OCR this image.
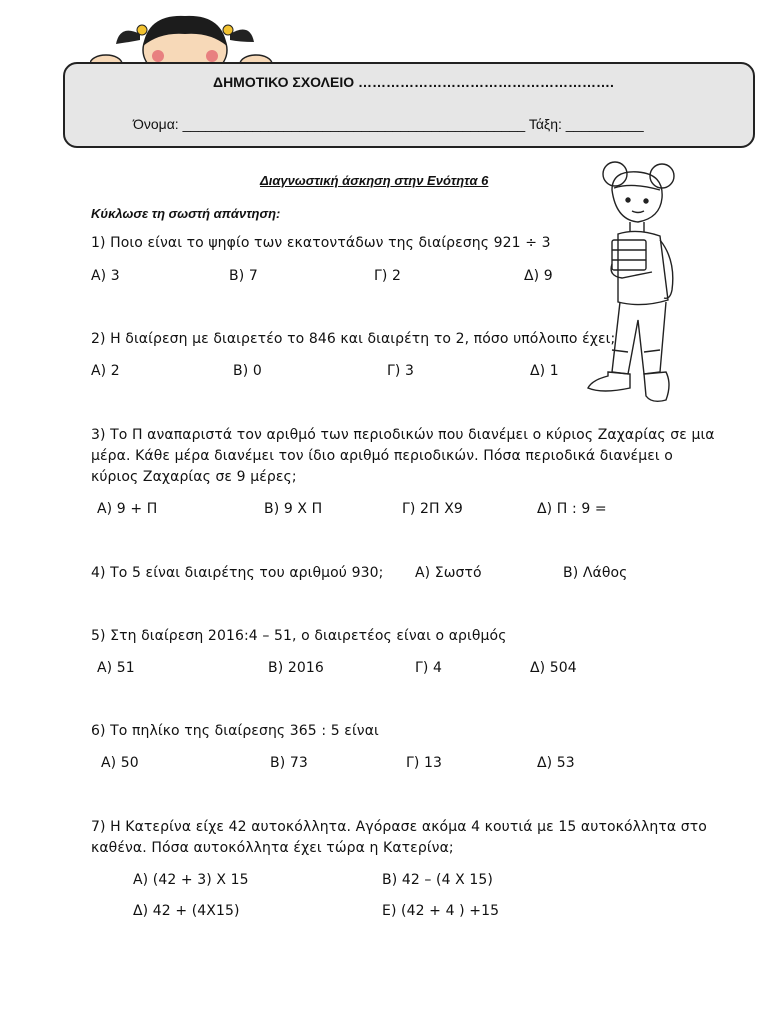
ΔΗΜΟΤΙΚΟ ΣΧΟΛΕΙΟ ……………………………………………….
Όνομα: ____________________________________________ Τάξη: __________
Διαγνωστική άσκηση στην Ενότητα 6
Κύκλωσε τη σωστή απάντηση:
1) Ποιο είναι το ψηφίο των εκατοντάδων της διαίρεσης 921 ÷ 3
Α) 3	Β) 7	Γ) 2	Δ) 9
2) Η διαίρεση με διαιρετέο το 846 και διαιρέτη το 2, πόσο υπόλοιπο έχει;
Α) 2	Β) 0	Γ) 3	Δ) 1
3) Το Π αναπαριστά τον αριθμό των περιοδικών που διανέμει ο κύριος Ζαχαρίας σε μια
μέρα. Κάθε μέρα διανέμει τον ίδιο αριθμό περιοδικών. Πόσα περιοδικά διανέμει ο
κύριος Ζαχαρίας σε 9 μέρες;
Α) 9 + Π	Β) 9 Χ Π	Γ) 2Π Χ9	Δ) Π : 9 =
4) Το 5 είναι διαιρέτης του αριθμού 930; Α) Σωστό	Β) Λάθος
5) Στη διαίρεση 2016:4 – 51, ο διαιρετέος είναι ο αριθμός
Α) 51	Β) 2016	Γ) 4	Δ) 504
6) Το πηλίκο της διαίρεσης 365 : 5 είναι
Α) 50	Β) 73	Γ) 13	Δ) 53
7) Η Κατερίνα είχε 42 αυτοκόλλητα. Αγόρασε ακόμα 4 κουτιά με 15 αυτοκόλλητα στο
καθένα. Πόσα αυτοκόλλητα έχει τώρα η Κατερίνα;
Α) (42 + 3) Χ 15	Β) 42 – (4 Χ 15)
Δ) 42 + (4Χ15)	Ε) (42 + 4 ) +15
